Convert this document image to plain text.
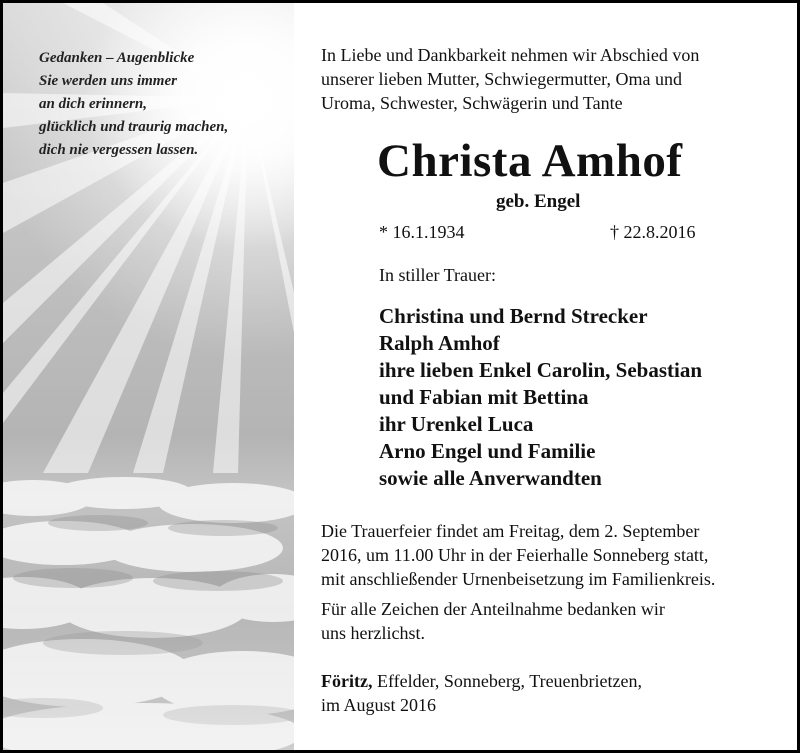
Gedanken – Augenblicke
Sie werden uns immer
an dich erinnern,
glücklich und traurig machen,
dich nie vergessen lassen.
In Liebe und Dankbarkeit nehmen wir Abschied von
unserer lieben Mutter, Schwiegermutter, Oma und
Uroma, Schwester, Schwägerin und Tante
Christa Amhof
geb. Engel
* 16.1.1934	† 22.8.2016
In stiller Trauer:
Christina und Bernd Strecker
Ralph Amhof
ihre lieben Enkel Carolin, Sebastian
und Fabian mit Bettina
ihr Urenkel Luca
Arno Engel und Familie
sowie alle Anverwandten
Die Trauerfeier findet am Freitag, dem 2. September
2016, um 11.00 Uhr in der Feierhalle Sonneberg statt,
mit anschließender Urnenbeisetzung im Familienkreis.
Für alle Zeichen der Anteilnahme bedanken wir
uns herzlichst.
Föritz, Effelder, Sonneberg, Treuenbrietzen,
im August 2016
